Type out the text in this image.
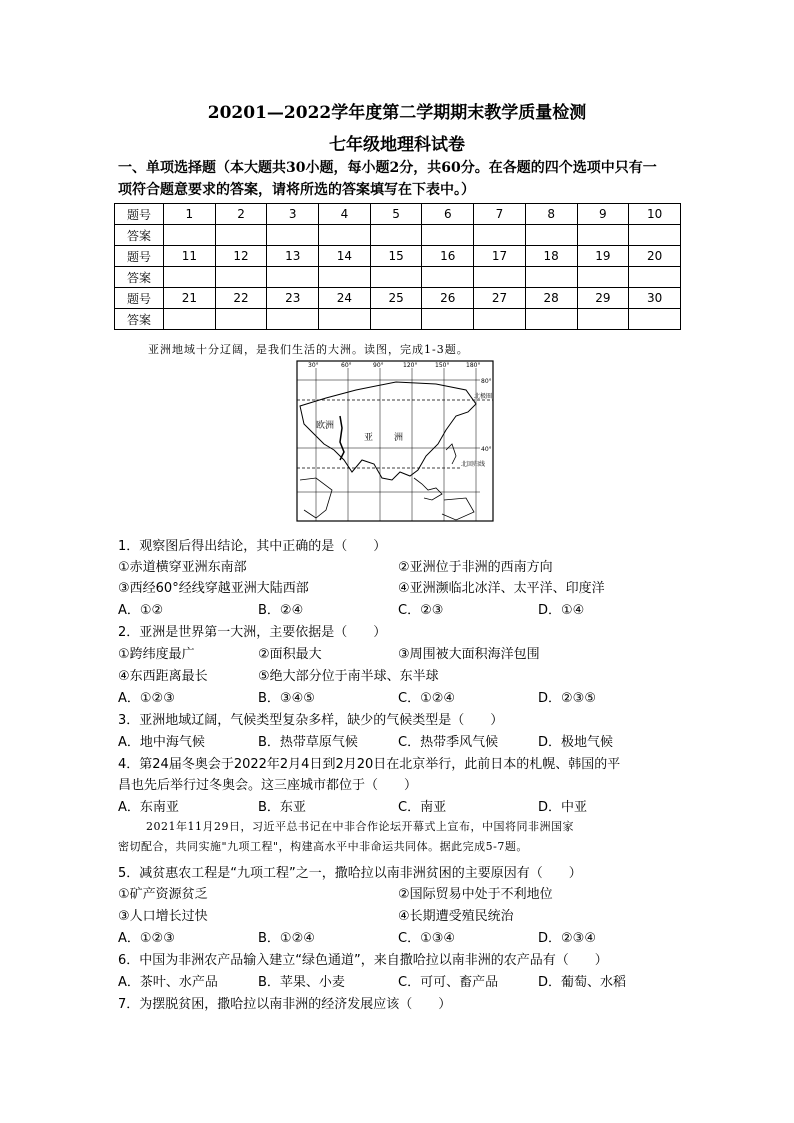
20201—2022学年度第二学期期末教学质量检测
七年级地理科试卷
一、单项选择题（本大题共30小题，每小题2分，共60分。在各题的四个选项中只有一
项符合题意要求的答案，请将所选的答案填写在下表中。）
题号	1	2	3	4	5	6	7	8	9	10
答案										
题号	11	12	13	14	15	16	17	18	19	20
答案										
题号	21	22	23	24	25	26	27	28	29	30
答案										
亚洲地域十分辽阔，是我们生活的大洲。读图，完成1-3题。
30°	60°	90°	120°	150°	180°
80°
40°
北极圈
北回归线
欧洲
亚 洲
1．观察图后得出结论，其中正确的是（　　）
①赤道横穿亚洲东南部	②亚洲位于非洲的西南方向
③西经60°经线穿越亚洲大陆西部	④亚洲濒临北冰洋、太平洋、印度洋
A．①②	B．②④	C．②③	D．①④
2．亚洲是世界第一大洲，主要依据是（　　）
①跨纬度最广	②面积最大	③周围被大面积海洋包围
④东西距离最长	⑤绝大部分位于南半球、东半球
A．①②③	B．③④⑤	C．①②④	D．②③⑤
3．亚洲地域辽阔，气候类型复杂多样，缺少的气候类型是（　　）
A．地中海气候	B．热带草原气候	C．热带季风气候	D．极地气候
4．第24届冬奥会于2022年2月4日到2月20日在北京举行，此前日本的札幌、韩国的平
昌也先后举行过冬奥会。这三座城市都位于（　　）
A．东南亚	B．东亚	C．南亚	D．中亚
2021年11月29日，习近平总书记在中非合作论坛开幕式上宣布，中国将同非洲国家
密切配合，共同实施"九项工程"，构建高水平中非命运共同体。据此完成5-7题。
5．减贫惠农工程是“九项工程”之一，撒哈拉以南非洲贫困的主要原因有（　　）
①矿产资源贫乏	②国际贸易中处于不利地位
③人口增长过快	④长期遭受殖民统治
A．①②③	B．①②④	C．①③④	D．②③④
6．中国为非洲农产品输入建立“绿色通道”，来自撒哈拉以南非洲的农产品有（　　）
A．茶叶、水产品	B．苹果、小麦	C．可可、畜产品	D．葡萄、水稻
7．为摆脱贫困，撒哈拉以南非洲的经济发展应该（　　）
